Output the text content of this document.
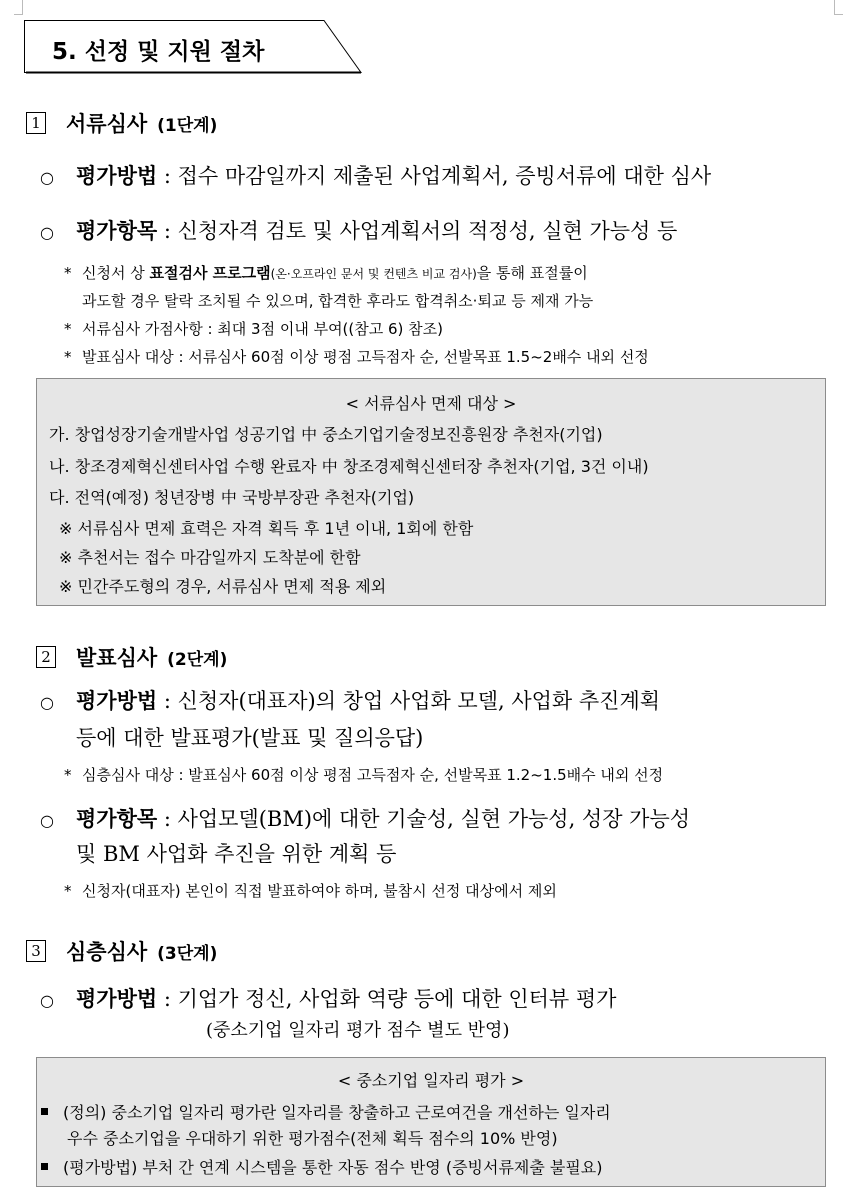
5. 선정 및 지원 절차
1 서류심사 (1단계)
○ 평가방법 : 접수 마감일까지 제출된 사업계획서, 증빙서류에 대한 심사
○ 평가항목 : 신청자격 검토 및 사업계획서의 적정성, 실현 가능성 등
* 신청서 상 표절검사 프로그램(온·오프라인 문서 및 컨텐츠 비교 검사)을 통해 표절률이
과도할 경우 탈락 조치될 수 있으며, 합격한 후라도 합격취소·퇴교 등 제재 가능
* 서류심사 가점사항 : 최대 3점 이내 부여((참고 6) 참조)
* 발표심사 대상 : 서류심사 60점 이상 평점 고득점자 순, 선발목표 1.5~2배수 내외 선정
< 서류심사 면제 대상 >
가. 창업성장기술개발사업 성공기업 中 중소기업기술정보진흥원장 추천자(기업)
나. 창조경제혁신센터사업 수행 완료자 中 창조경제혁신센터장 추천자(기업, 3건 이내)
다. 전역(예정) 청년장병 中 국방부장관 추천자(기업)
※ 서류심사 면제 효력은 자격 획득 후 1년 이내, 1회에 한함
※ 추천서는 접수 마감일까지 도착분에 한함
※ 민간주도형의 경우, 서류심사 면제 적용 제외
2 발표심사 (2단계)
○ 평가방법 : 신청자(대표자)의 창업 사업화 모델, 사업화 추진계획
등에 대한 발표평가(발표 및 질의응답)
* 심층심사 대상 : 발표심사 60점 이상 평점 고득점자 순, 선발목표 1.2~1.5배수 내외 선정
○ 평가항목 : 사업모델(BM)에 대한 기술성, 실현 가능성, 성장 가능성
및 BM 사업화 추진을 위한 계획 등
* 신청자(대표자) 본인이 직접 발표하여야 하며, 불참시 선정 대상에서 제외
3 심층심사 (3단계)
○ 평가방법 : 기업가 정신, 사업화 역량 등에 대한 인터뷰 평가
(중소기업 일자리 평가 점수 별도 반영)
< 중소기업 일자리 평가 >
(정의) 중소기업 일자리 평가란 일자리를 창출하고 근로여건을 개선하는 일자리
우수 중소기업을 우대하기 위한 평가점수(전체 획득 점수의 10% 반영)
(평가방법) 부처 간 연계 시스템을 통한 자동 점수 반영 (증빙서류제출 불필요)
